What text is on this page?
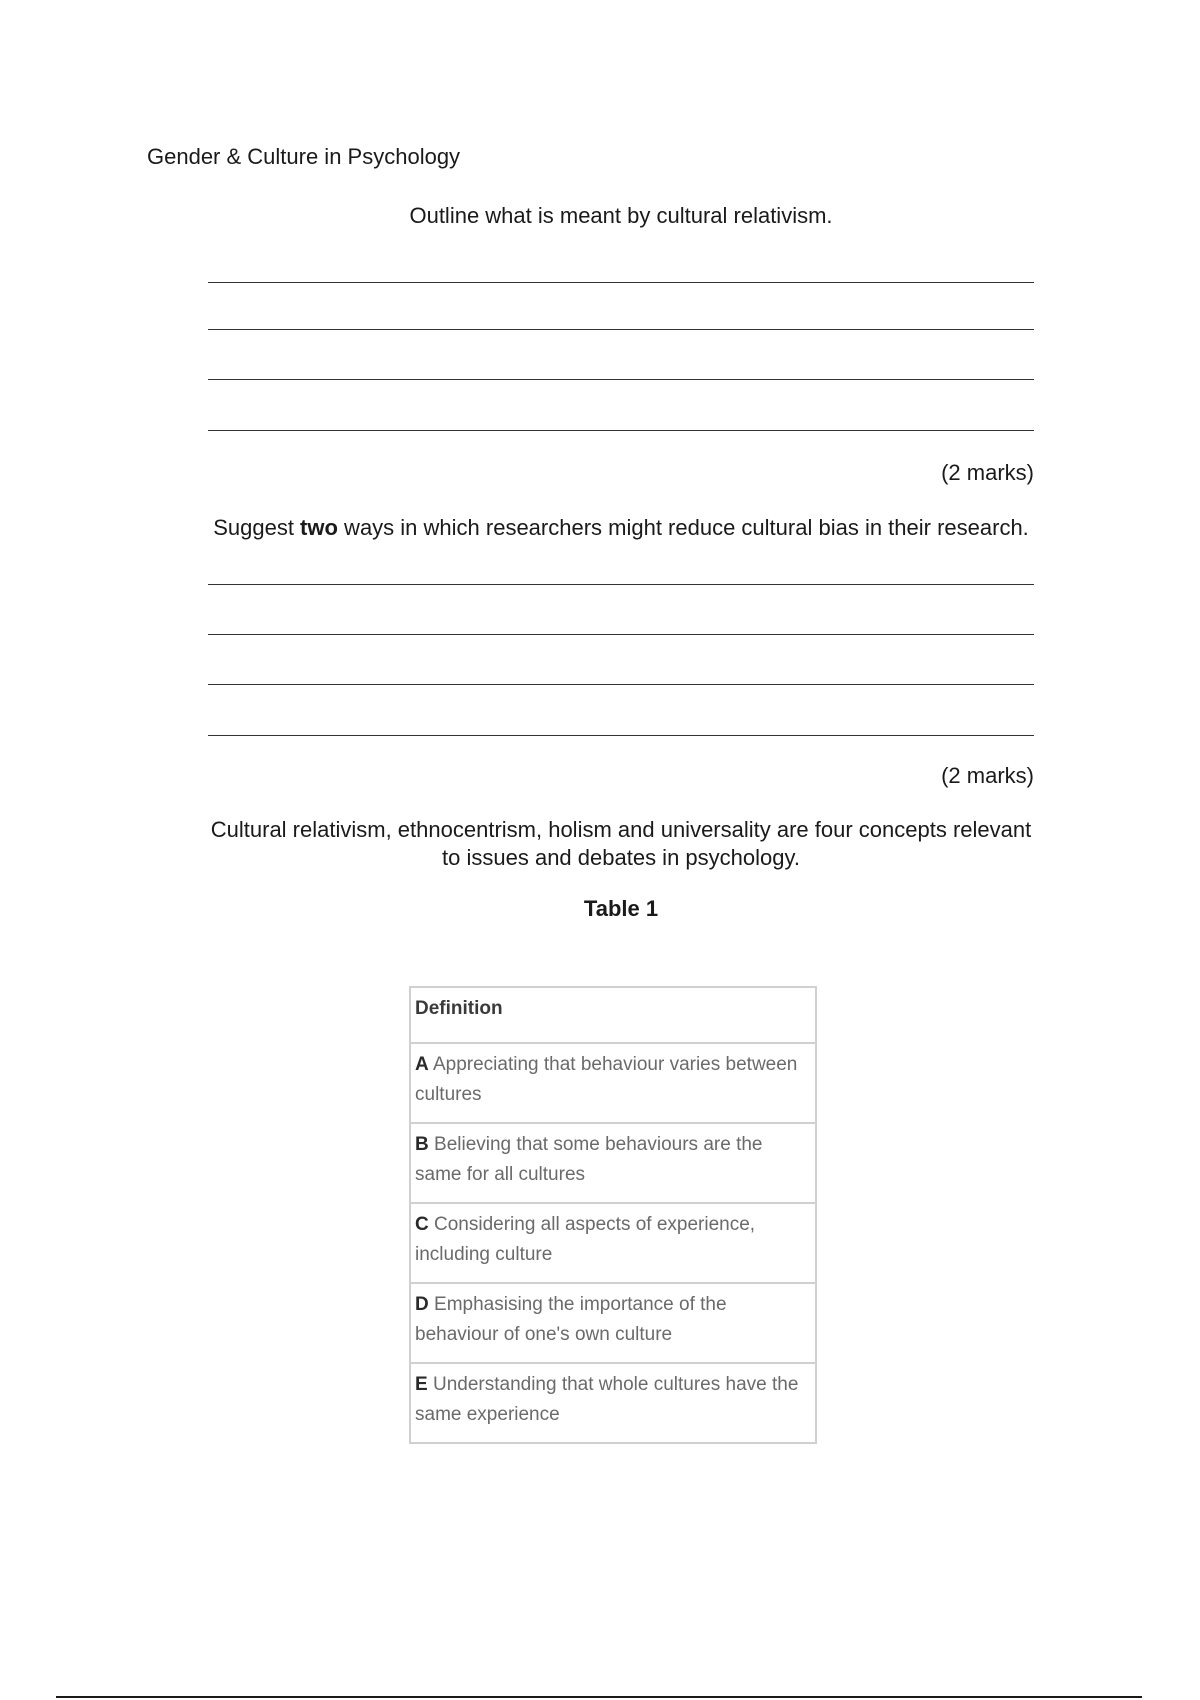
Gender & Culture in Psychology
Outline what is meant by cultural relativism.
(2 marks)
Suggest two ways in which researchers might reduce cultural bias in their research.
(2 marks)
Cultural relativism, ethnocentrism, holism and universality are four concepts relevant
to issues and debates in psychology.
Table 1
Definition
A Appreciating that behaviour varies between cultures
B Believing that some behaviours are the same for all cultures
C Considering all aspects of experience, including culture
D Emphasising the importance of the behaviour of one's own culture
E Understanding that whole cultures have the same experience
